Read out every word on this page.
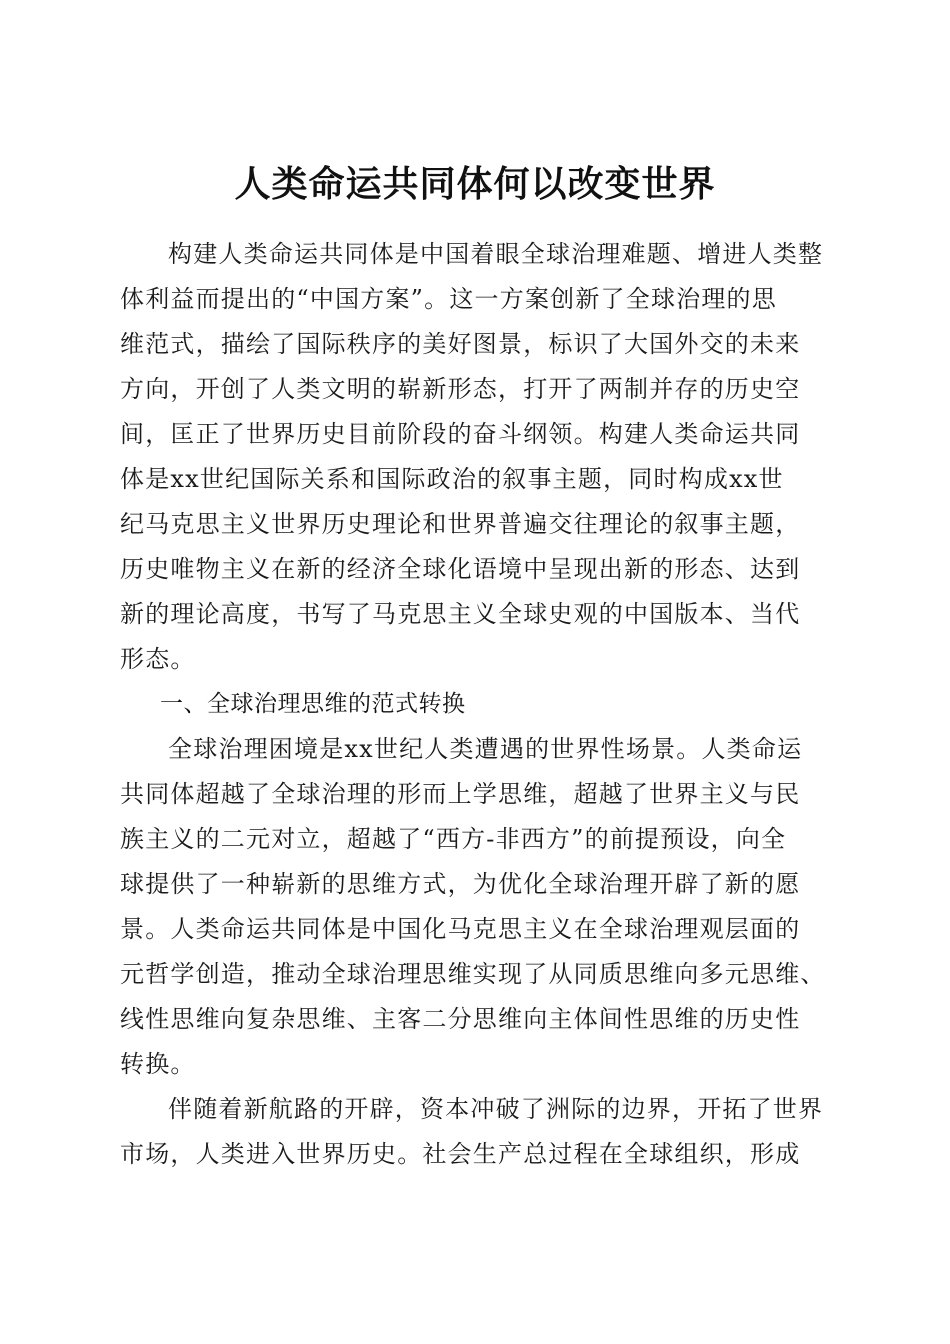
人类命运共同体何以改变世界

构建人类命运共同体是中国着眼全球治理难题、增进人类整
体利益而提出的“中国方案”。这一方案创新了全球治理的思
维范式，描绘了国际秩序的美好图景，标识了大国外交的未来
方向，开创了人类文明的崭新形态，打开了两制并存的历史空
间，匡正了世界历史目前阶段的奋斗纲领。构建人类命运共同
体是xx世纪国际关系和国际政治的叙事主题，同时构成xx世
纪马克思主义世界历史理论和世界普遍交往理论的叙事主题，
历史唯物主义在新的经济全球化语境中呈现出新的形态、达到
新的理论高度，书写了马克思主义全球史观的中国版本、当代
形态。

一、全球治理思维的范式转换

全球治理困境是xx世纪人类遭遇的世界性场景。人类命运
共同体超越了全球治理的形而上学思维，超越了世界主义与民
族主义的二元对立，超越了“西方-非西方”的前提预设，向全
球提供了一种崭新的思维方式，为优化全球治理开辟了新的愿
景。人类命运共同体是中国化马克思主义在全球治理观层面的
元哲学创造，推动全球治理思维实现了从同质思维向多元思维、
线性思维向复杂思维、主客二分思维向主体间性思维的历史性
转换。

伴随着新航路的开辟，资本冲破了洲际的边界，开拓了世界
市场，人类进入世界历史。社会生产总过程在全球组织，形成
